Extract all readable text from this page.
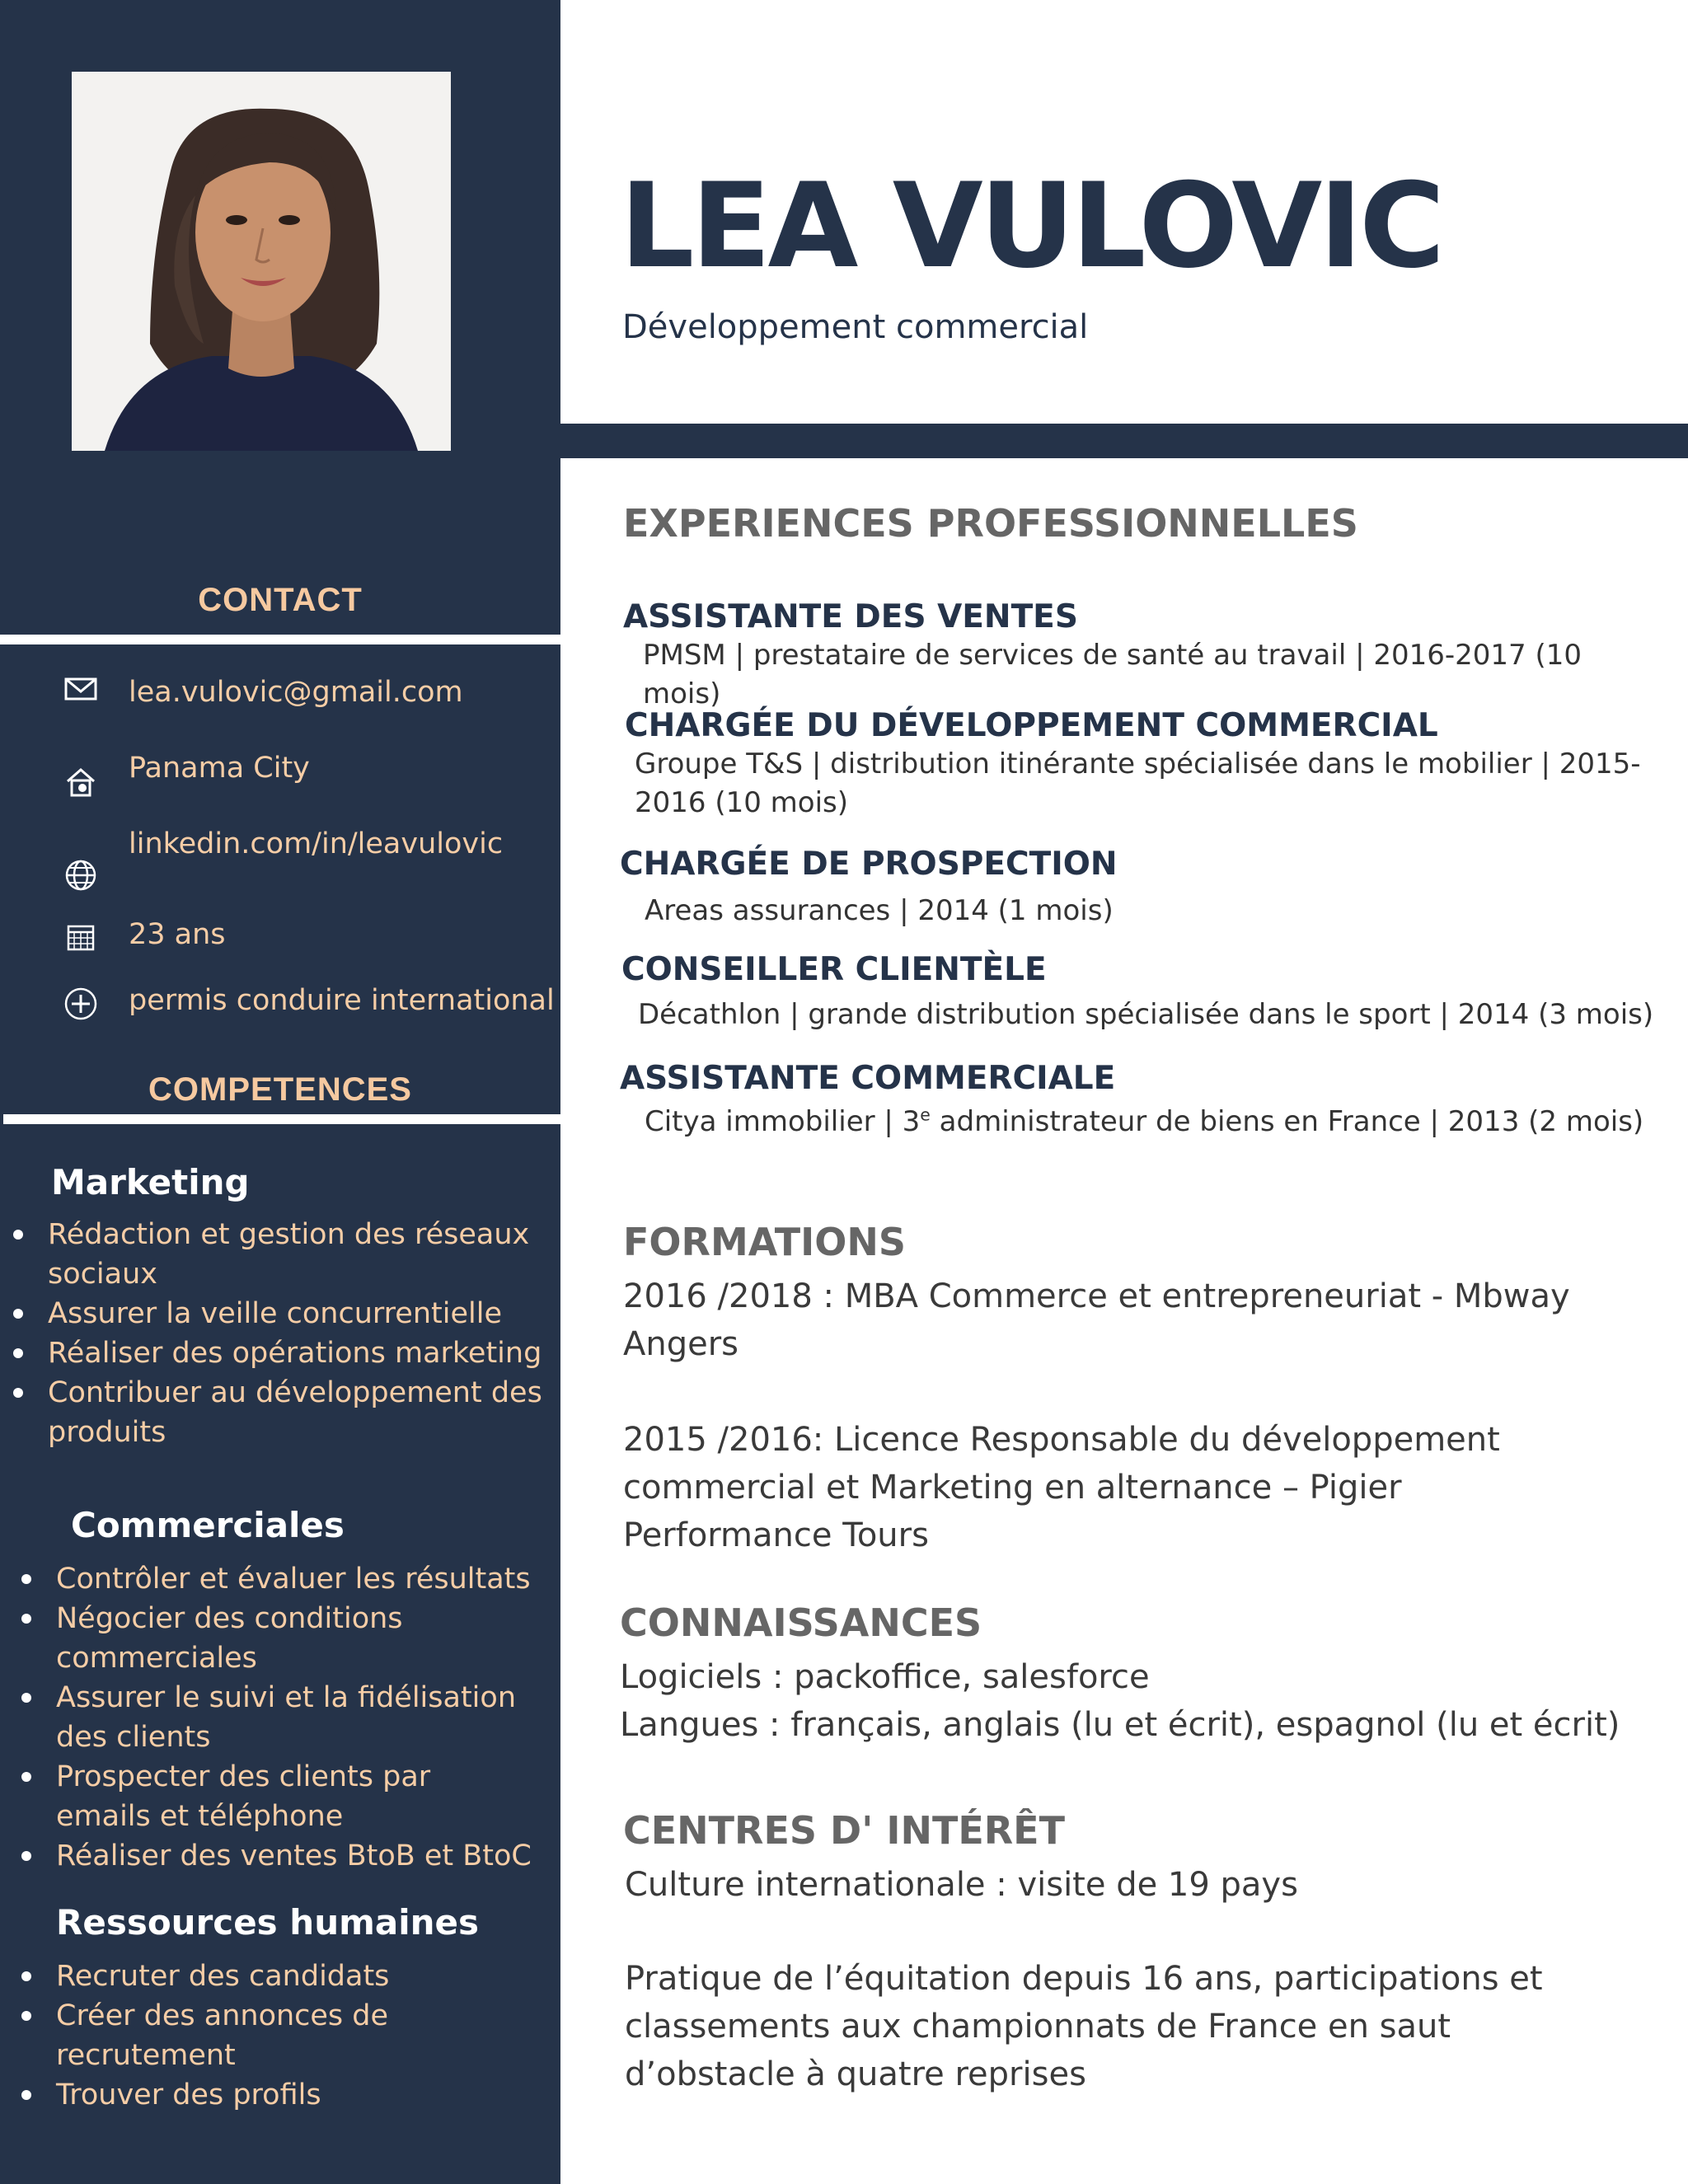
CONTACT
lea.vulovic@gmail.com
Panama City
linkedin.com/in/leavulovic
23 ans
permis conduire international
COMPETENCES
Marketing
Rédaction et gestion des réseaux sociaux
Assurer la veille concurrentielle
Réaliser des opérations marketing
Contribuer au développement des produits
Commerciales
Contrôler et évaluer les résultats
Négocier des conditions commerciales
Assurer le suivi et la fidélisation des clients
Prospecter des clients par emails et téléphone
Réaliser des ventes BtoB et BtoC
Ressources humaines
Recruter des candidats
Créer des annonces de recrutement
Trouver des profils
LEA VULOVIC
Développement commercial
EXPERIENCES PROFESSIONNELLES
ASSISTANTE DES VENTES
PMSM | prestataire de services de santé au travail | 2016-2017 (10 mois)
CHARGÉE DU DÉVELOPPEMENT COMMERCIAL
Groupe T&S | distribution itinérante spécialisée dans le mobilier | 2015-2016 (10 mois)
CHARGÉE DE PROSPECTION
Areas assurances | 2014 (1 mois)
CONSEILLER CLIENTÈLE
Décathlon | grande distribution spécialisée dans le sport | 2014 (3 mois)
ASSISTANTE COMMERCIALE
Citya immobilier | 3e administrateur de biens en France | 2013 (2 mois)
FORMATIONS
2016 /2018 : MBA Commerce et entrepreneuriat - Mbway Angers
2015 /2016: Licence Responsable du développement commercial et Marketing en alternance – Pigier Performance Tours
CONNAISSANCES
Logiciels : packoffice, salesforce
Langues : français, anglais (lu et écrit), espagnol (lu et écrit)
CENTRES D' INTÉRÊT
Culture internationale : visite de 19 pays
Pratique de l’équitation depuis 16 ans, participations et classements aux championnats de France en saut d’obstacle à quatre reprises
